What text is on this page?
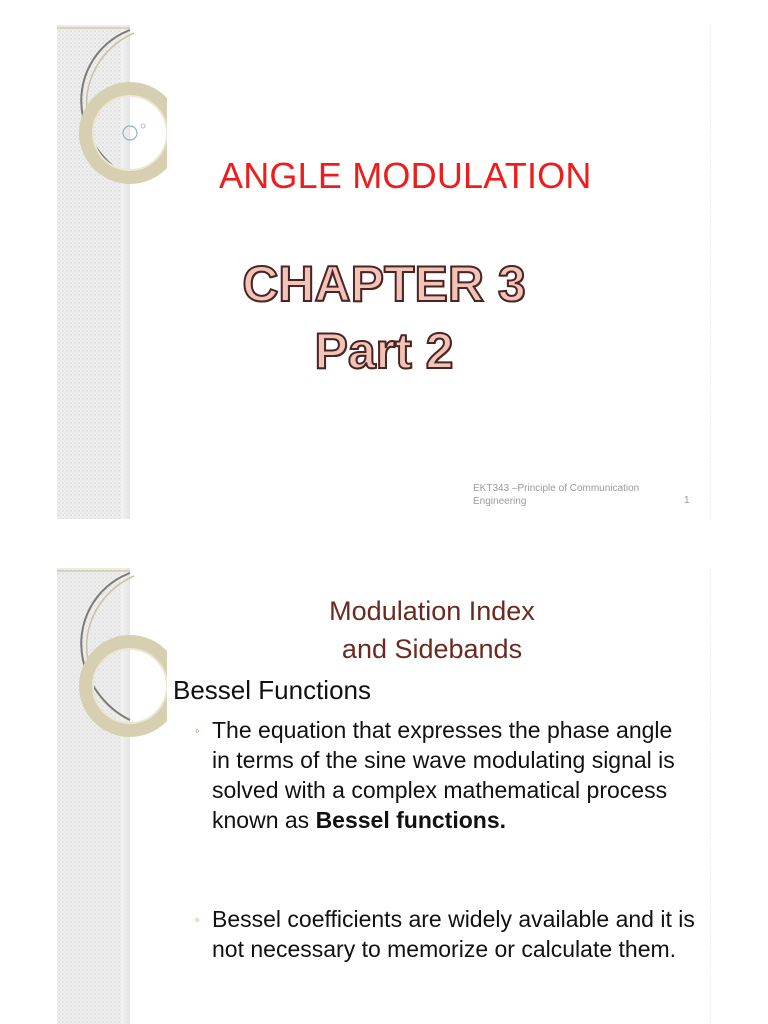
ANGLE MODULATION
CHAPTER 3
Part 2
EKT343 –Principle of Communication Engineering	1
Modulation Index
and Sidebands
Bessel Functions
◦ The equation that expresses the phase angle in terms of the sine wave modulating signal is solved with a complex mathematical process known as Bessel functions.
◦ Bessel coefficients are widely available and it is not necessary to memorize or calculate them.
